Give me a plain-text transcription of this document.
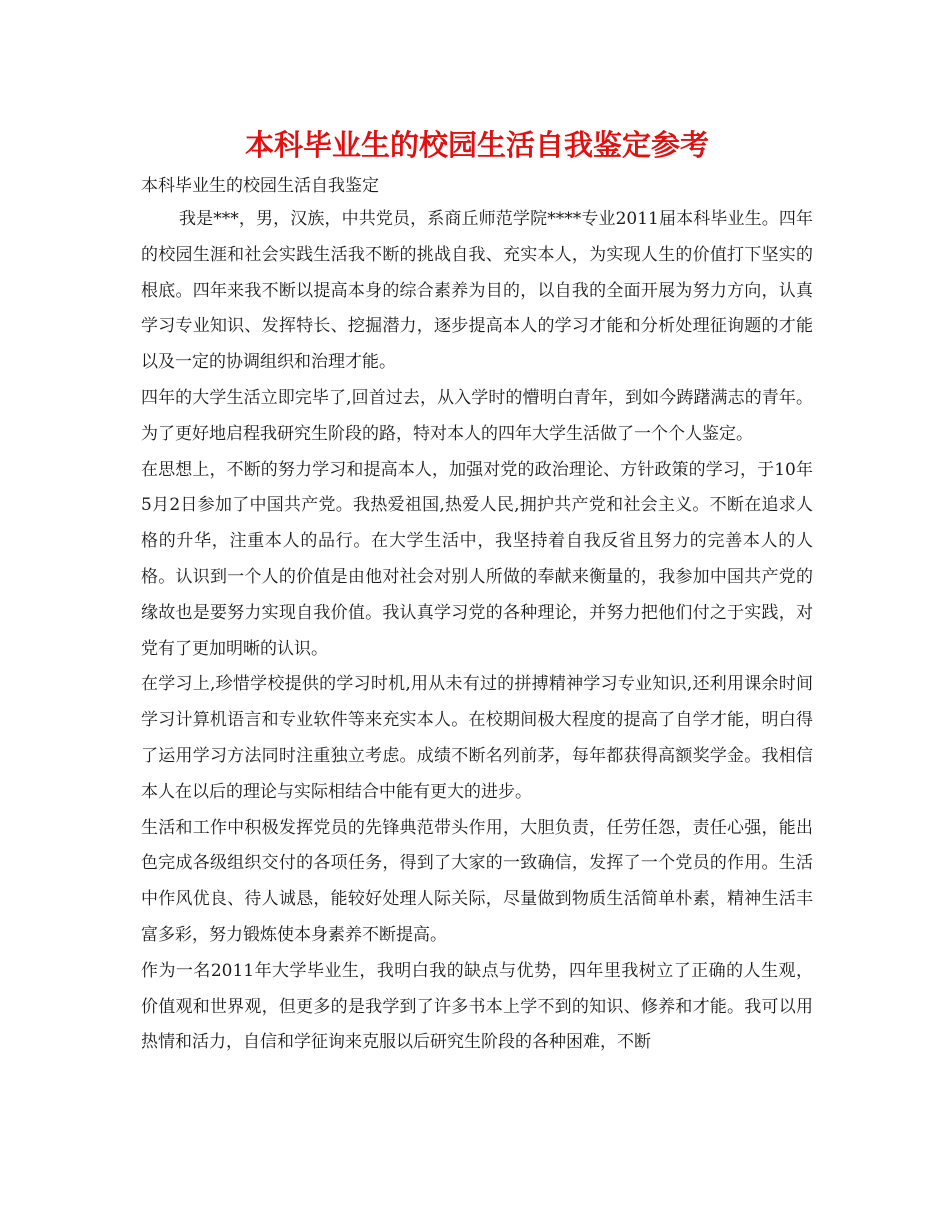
本科毕业生的校园生活自我鉴定参考

本科毕业生的校园生活自我鉴定

我是***，男，汉族，中共党员，系商丘师范学院****专业2011届本科毕业生。四年的校园生涯和社会实践生活我不断的挑战自我、充实本人，为实现人生的价值打下坚实的根底。四年来我不断以提高本身的综合素养为目的，以自我的全面开展为努力方向，认真学习专业知识、发挥特长、挖掘潜力，逐步提高本人的学习才能和分析处理征询题的才能以及一定的协调组织和治理才能。

四年的大学生活立即完毕了,回首过去，从入学时的懵明白青年，到如今踌躇满志的青年。为了更好地启程我研究生阶段的路，特对本人的四年大学生活做了一个个人鉴定。

在思想上，不断的努力学习和提高本人，加强对党的政治理论、方针政策的学习，于10年5月2日参加了中国共产党。我热爱祖国,热爱人民,拥护共产党和社会主义。不断在追求人格的升华，注重本人的品行。在大学生活中，我坚持着自我反省且努力的完善本人的人格。认识到一个人的价值是由他对社会对别人所做的奉献来衡量的，我参加中国共产党的缘故也是要努力实现自我价值。我认真学习党的各种理论，并努力把他们付之于实践，对党有了更加明晰的认识。

在学习上,珍惜学校提供的学习时机,用从未有过的拼搏精神学习专业知识,还利用课余时间学习计算机语言和专业软件等来充实本人。在校期间极大程度的提高了自学才能，明白得了运用学习方法同时注重独立考虑。成绩不断名列前茅，每年都获得高额奖学金。我相信本人在以后的理论与实际相结合中能有更大的进步。

生活和工作中积极发挥党员的先锋典范带头作用，大胆负责，任劳任怨，责任心强，能出色完成各级组织交付的各项任务，得到了大家的一致确信，发挥了一个党员的作用。生活中作风优良、待人诚恳，能较好处理人际关际，尽量做到物质生活简单朴素，精神生活丰富多彩，努力锻炼使本身素养不断提高。

作为一名2011年大学毕业生，我明白我的缺点与优势，四年里我树立了正确的人生观，价值观和世界观，但更多的是我学到了许多书本上学不到的知识、修养和才能。我可以用热情和活力，自信和学征询来克服以后研究生阶段的各种困难，不断
